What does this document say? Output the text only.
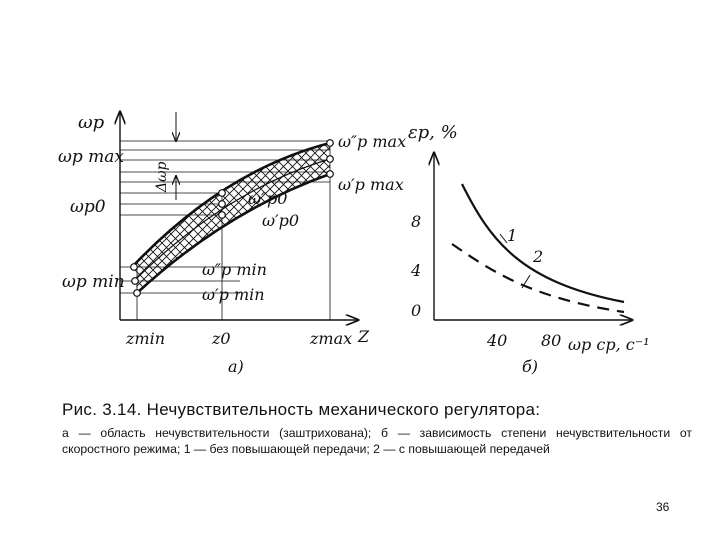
ωр
Z
ωр max
ωр0
ωр min
zmin	z0	zmax
Δωр
ω″р max
ω′р max
ω″р0
ω′р0
ω″р min
ω′р min
а)
εр, %
ωр ср, с⁻¹
0
4
8
40 80
1
2
б)
Рис. 3.14. Нечувствительность механического регулятора:
а — область нечувствительности (заштрихована); б — зависимость степени нечувствительности от скоростного режима; 1 — без повышающей передачи; 2 — с повышающей передачей
36
